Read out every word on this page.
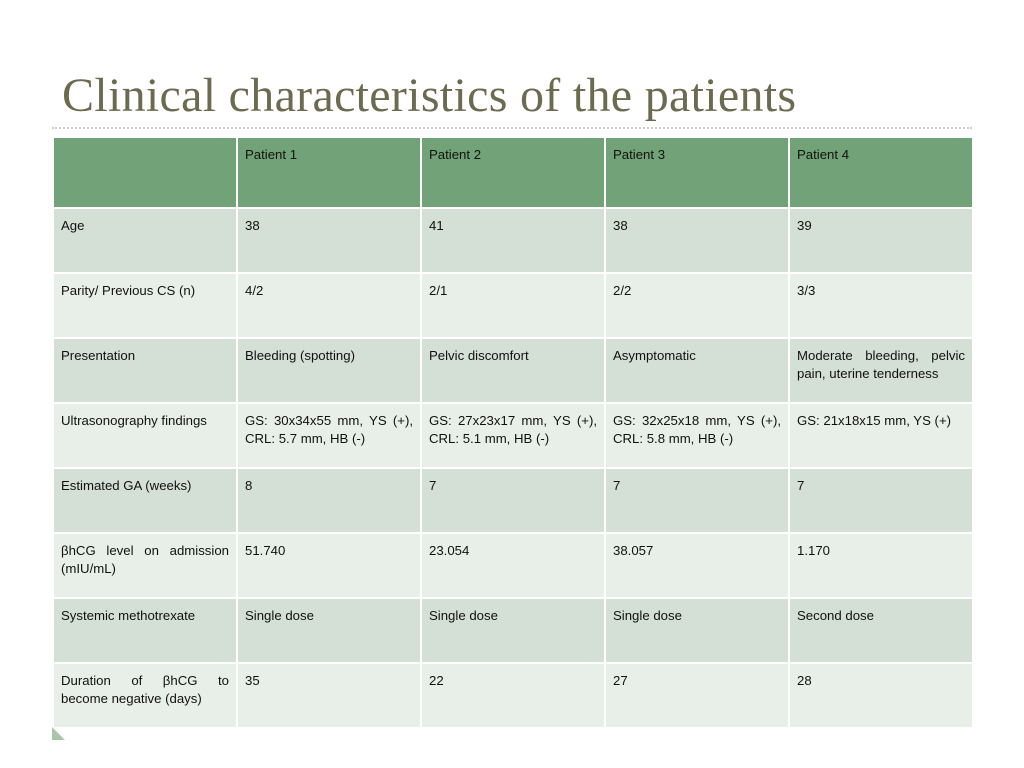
Clinical characteristics of the patients
	Patient 1	Patient 2	Patient 3	Patient 4
Age	38	41	38	39
Parity/ Previous CS (n)	4/2	2/1	2/2	3/3
Presentation	Bleeding (spotting)	Pelvic discomfort	Asymptomatic	Moderate bleeding, pelvic pain, uterine tenderness
Ultrasonography findings	GS: 30x34x55 mm, YS (+), CRL: 5.7 mm, HB (-)	GS: 27x23x17 mm, YS (+), CRL: 5.1 mm, HB (-)	GS: 32x25x18 mm, YS (+), CRL: 5.8 mm, HB (-)	GS: 21x18x15 mm, YS (+)
Estimated GA (weeks)	8	7	7	7
βhCG level on admission (mIU/mL)	51.740	23.054	38.057	1.170
Systemic methotrexate	Single dose	Single dose	Single dose	Second dose
Duration of βhCG to become negative (days)	35	22	27	28
